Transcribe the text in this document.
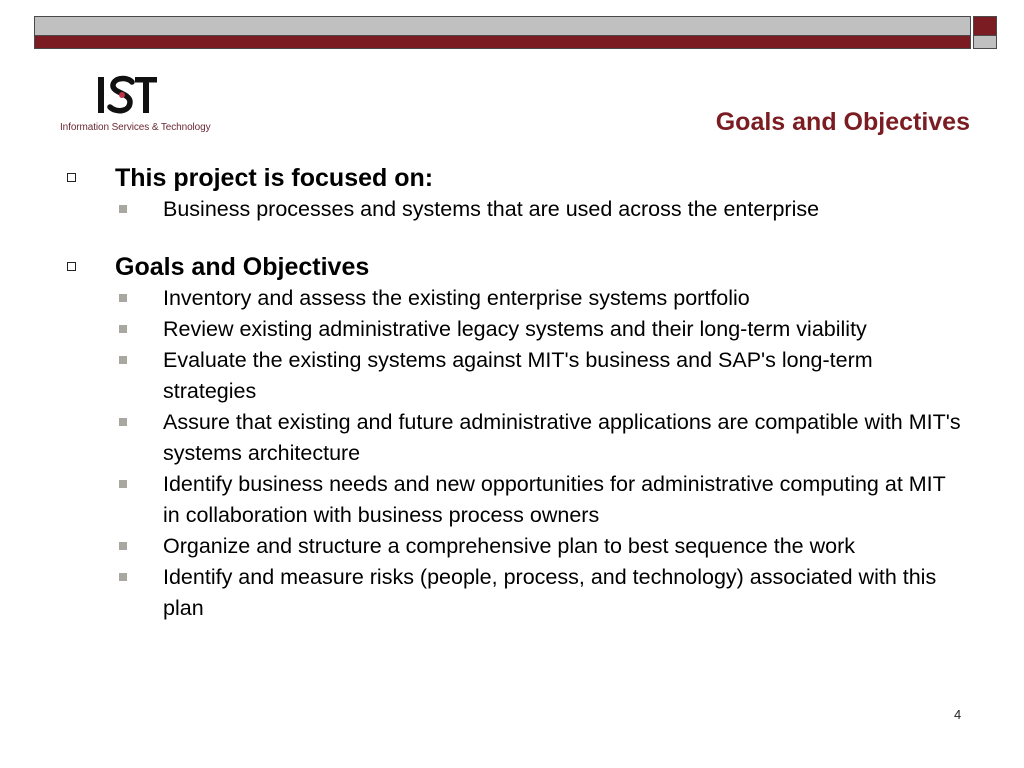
Information Services & Technology	Goals and Objectives
This project is focused on:

Business processes and systems that are used across the enterprise

Goals and Objectives

Inventory and assess the existing enterprise systems portfolio

Review existing administrative legacy systems and their long-term viability

Evaluate the existing systems against MIT's business and SAP's long-term strategies

Assure that existing and future administrative applications are compatible with MIT's systems architecture

Identify business needs and new opportunities for administrative computing at MIT in collaboration with business process owners

Organize and structure a comprehensive plan to best sequence the work

Identify and measure risks (people, process, and technology) associated with this plan

4
